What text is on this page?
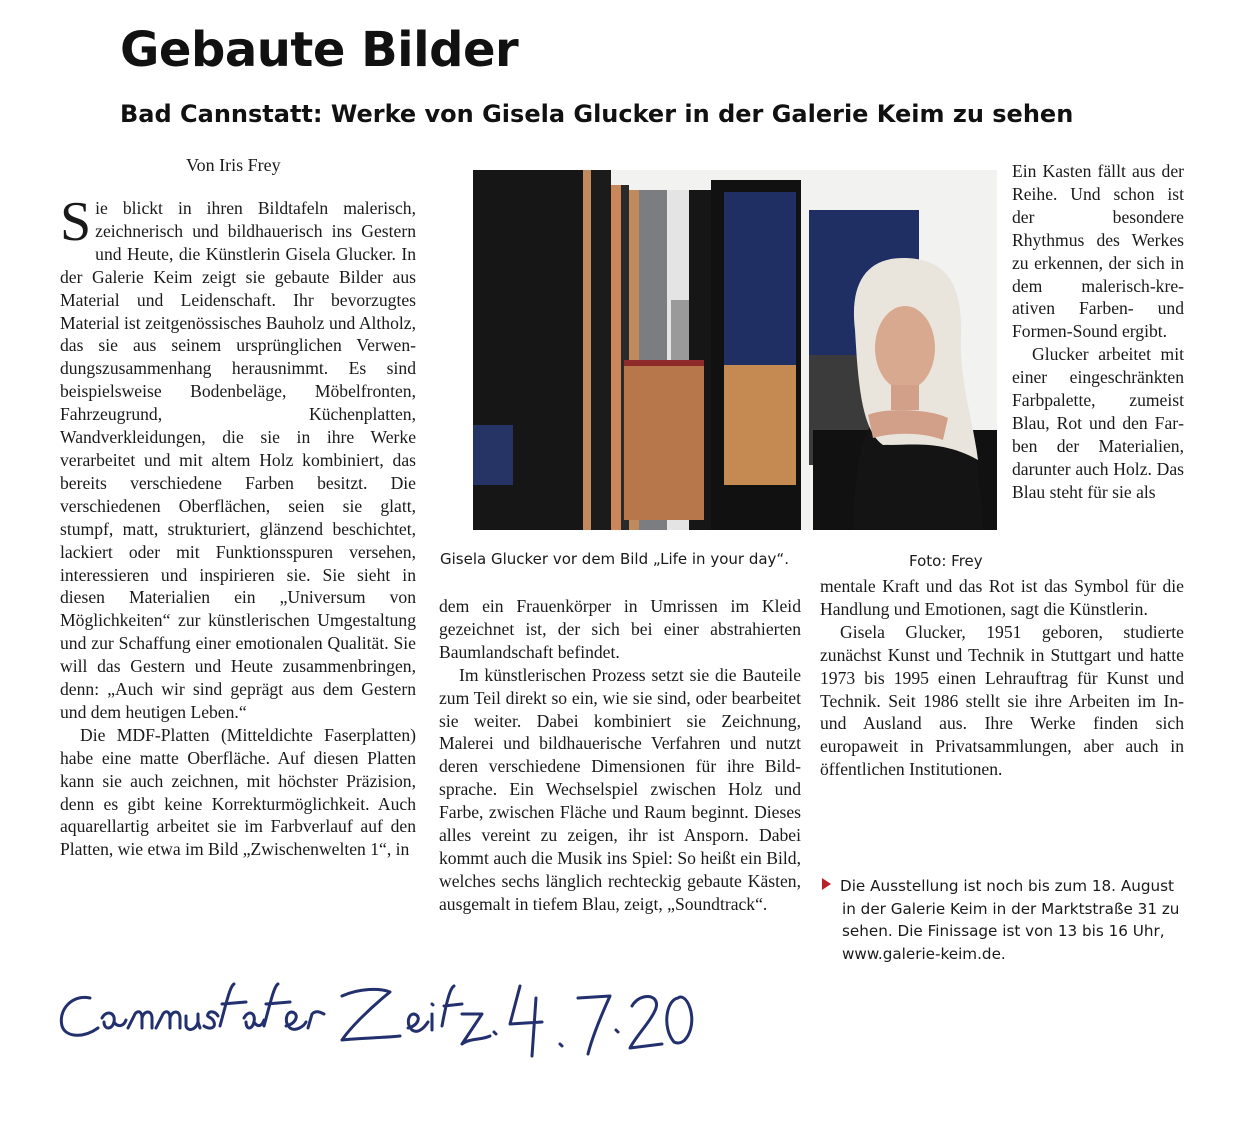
Gebaute Bilder
Bad Cannstatt: Werke von Gisela Glucker in der Galerie Keim zu sehen
Von Iris Frey

Sie blickt in ihren Bildtafeln malerisch, zeichnerisch und bildhauerisch ins Gestern und Heute, die Künstlerin Gisela Glucker. In der Galerie Keim zeigt sie gebaute Bilder aus Material und Leidenschaft. Ihr bevorzugtes Material ist zeitgenössisches Bauholz und Altholz, das sie aus seinem ursprünglichen Verwendungszusammenhang herausnimmt. Es sind beispielsweise Bodenbeläge, Möbelfronten, Fahrzeugrund, Küchenplatten, Wandverkleidungen, die sie in ihre Werke verarbeitet und mit altem Holz kombiniert, das bereits verschiedene Farben besitzt. Die verschiedenen Oberflächen, seien sie glatt, stumpf, matt, strukturiert, glänzend beschichtet, lackiert oder mit Funktionsspuren versehen, interessieren und inspirieren sie. Sie sieht in diesen Materialien ein „Universum von Möglichkeiten“ zur künstlerischen Umgestaltung und zur Schaffung einer emotionalen Qualität. Sie will das Gestern und Heute zusammenbringen, denn: „Auch wir sind geprägt aus dem Gestern und dem heutigen Leben.“

Die MDF-Platten (Mitteldichte Faserplatten) habe eine matte Oberfläche. Auf diesen Platten kann sie auch zeichnen, mit höchster Präzision, denn es gibt keine Korrekturmöglichkeit. Auch aquarellartig arbeitet sie im Farbverlauf auf den Platten, wie etwa im Bild „Zwischenwelten 1“, in

Gisela Glucker vor dem Bild „Life in your day“.	Foto: Frey

dem ein Frauenkörper in Umrissen im Kleid gezeichnet ist, der sich bei einer abstrahierten Baumlandschaft befindet.

Im künstlerischen Prozess setzt sie die Bauteile zum Teil direkt so ein, wie sie sind, oder bearbeitet sie weiter. Dabei kombiniert sie Zeichnung, Malerei und bildhauerische Verfahren und nutzt deren verschiedene Dimensionen für ihre Bildsprache. Ein Wechselspiel zwischen Holz und Farbe, zwischen Fläche und Raum beginnt. Dieses alles vereint zu zeigen, ihr ist Ansporn. Dabei kommt auch die Musik ins Spiel: So heißt ein Bild, welches sechs länglich rechteckig gebaute Kästen, ausgemalt in tiefem Blau, zeigt, „Soundtrack“.

Ein Kasten fällt aus der Reihe. Und schon ist der besondere Rhythmus des Werkes zu erkennen, der sich in dem malerisch-kreativen Farben- und Formen-Sound ergibt.

Glucker arbeitet mit einer eingeschränkten Farbpalette, zumeist Blau, Rot und den Farben der Materialien, darunter auch Holz. Das Blau steht für sie als

mentale Kraft und das Rot ist das Symbol für die Handlung und Emotionen, sagt die Künstlerin.

Gisela Glucker, 1951 geboren, studierte zunächst Kunst und Technik in Stuttgart und hatte 1973 bis 1995 einen Lehrauftrag für Kunst und Technik. Seit 1986 stellt sie ihre Arbeiten im In- und Ausland aus. Ihre Werke finden sich europaweit in Privatsammlungen, aber auch in öffentlichen Institutionen.

Die Ausstellung ist noch bis zum 18. August in der Galerie Keim in der Marktstraße 31 zu sehen. Die Finissage ist von 13 bis 16 Uhr, www.galerie-keim.de.
